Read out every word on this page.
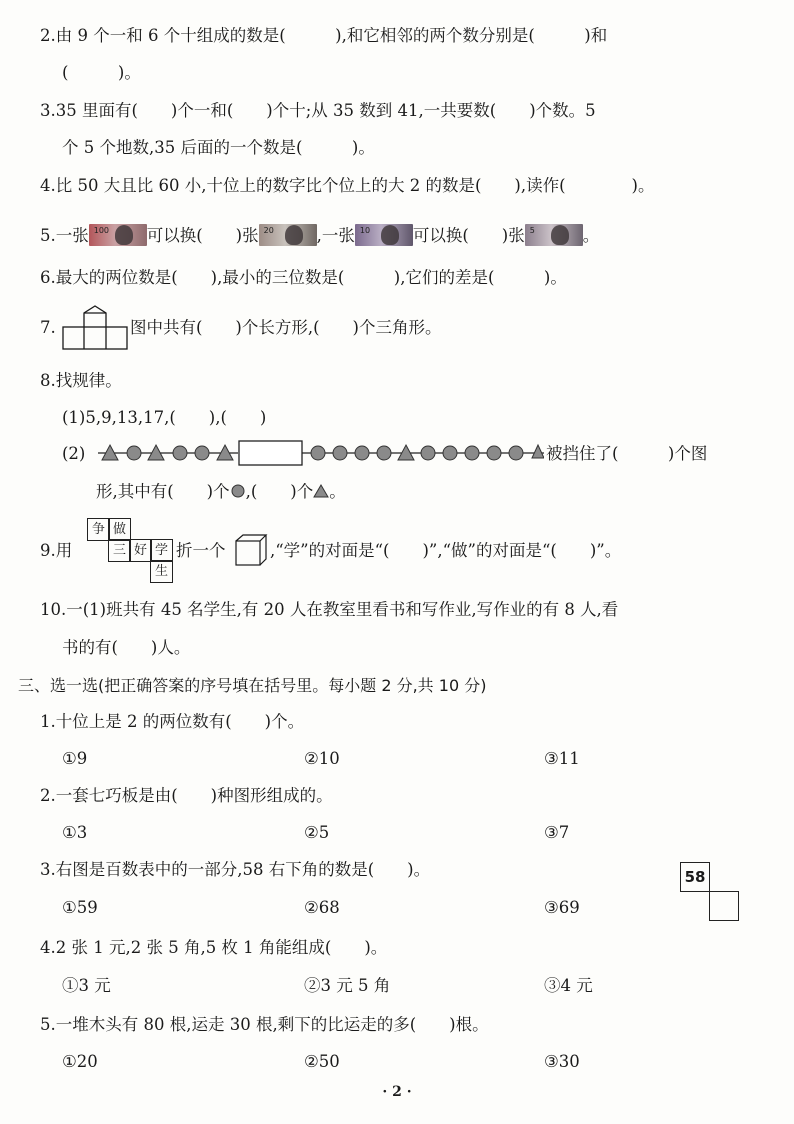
2.由 9 个一和 6 个十组成的数是(　　　),和它相邻的两个数分别是(　　　)和
(　　　)。
3.35 里面有(　　)个一和(　　)个十;从 35 数到 41,一共要数(　　)个数。5
个 5 个地数,35 后面的一个数是(　　　)。
4.比 50 大且比 60 小,十位上的数字比个位上的大 2 的数是(　　),读作(　　　　)。
5.一张 100 可以换(　　)张 20	,一张 10	可以换(　　)张 5	。
6.最大的两位数是(　　),最小的三位数是(　　　),它们的差是(　　　)。
7.	图中共有(　　)个长方形,(　　)个三角形。
8.找规律。
(1)5,9,13,17,(　　),(　　)
(2)	被挡住了(　　　)个图
形,其中有(　　)个 ,(　　)个 。
9.用
争 做
三 好 学
生
折一个	,“学”的对面是“(　　)”,“做”的对面是“(　　)”。
10.一(1)班共有 45 名学生,有 20 人在教室里看书和写作业,写作业的有 8 人,看
书的有(　　)人。
三、选一选(把正确答案的序号填在括号里。每小题 2 分,共 10 分)
1.十位上是 2 的两位数有(　　)个。
①9	②10	③11
2.一套七巧板是由(　　)种图形组成的。
①3	②5	③7
3.右图是百数表中的一部分,58 右下角的数是(　　)。
①59	②68	③69
58
4.2 张 1 元,2 张 5 角,5 枚 1 角能组成(　　)。
①3 元	②3 元 5 角	③4 元
5.一堆木头有 80 根,运走 30 根,剩下的比运走的多(　　)根。
①20	②50	③30
· 2 ·
